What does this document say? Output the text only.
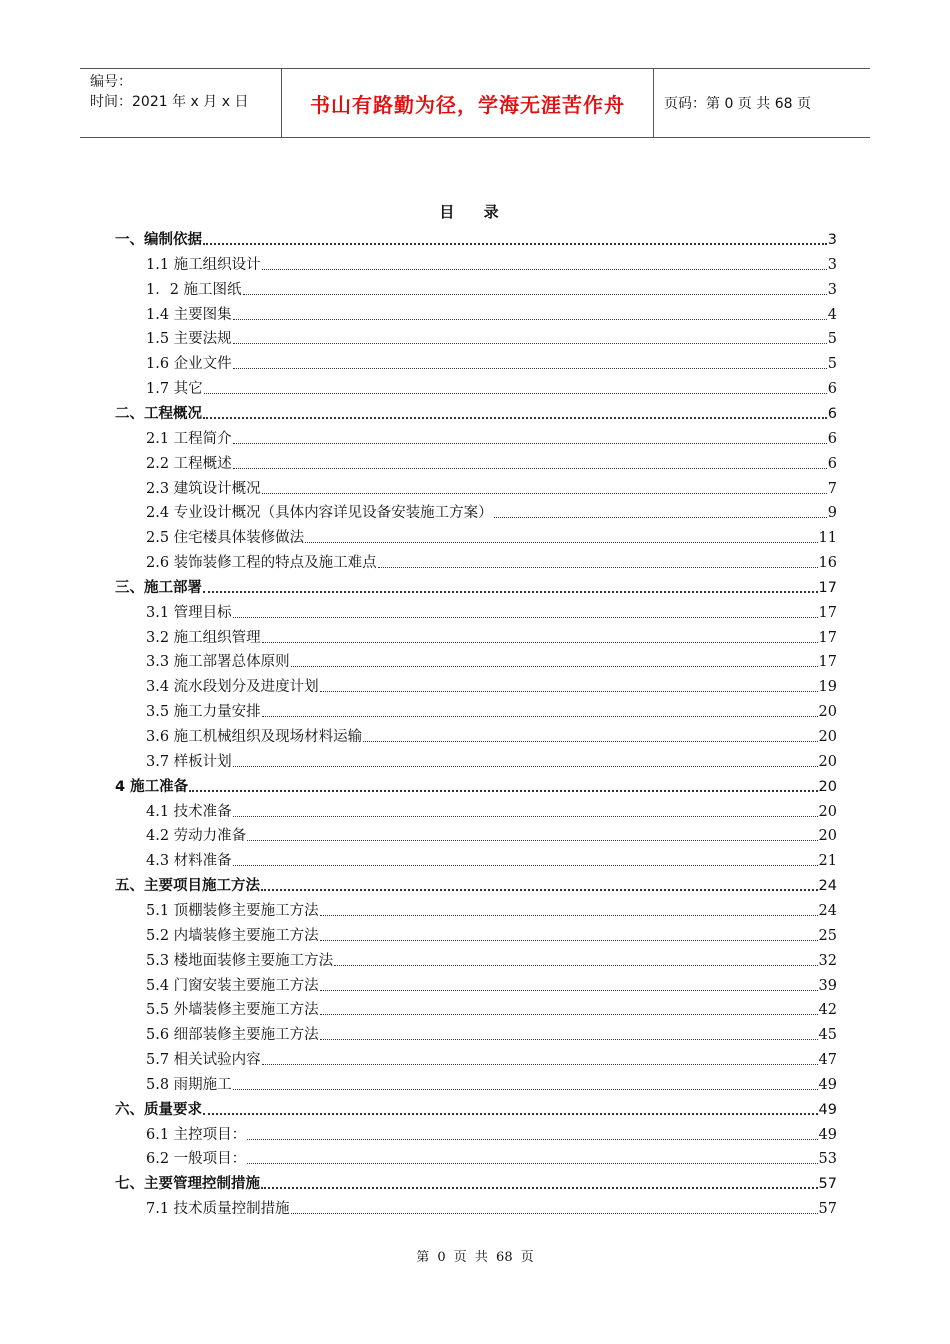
编号：
时间：2021 年 x 月 x 日	书山有路勤为径，学海无涯苦作舟	页码：第 0 页 共 68 页
目 录
一、编制依据	3
1.1 施工组织设计	3
1．2 施工图纸	3
1.4 主要图集	4
1.5 主要法规	5
1.6 企业文件	5
1.7 其它	6
二、工程概况	6
2.1 工程简介	6
2.2 工程概述	6
2.3 建筑设计概况	7
2.4 专业设计概况（具体内容详见设备安装施工方案）	9
2.5 住宅楼具体装修做法	11
2.6 装饰装修工程的特点及施工难点	16
三、施工部署	17
3.1 管理目标	17
3.2 施工组织管理	17
3.3 施工部署总体原则	17
3.4 流水段划分及进度计划	19
3.5 施工力量安排	20
3.6 施工机械组织及现场材料运输	20
3.7 样板计划	20
4 施工准备	20
4.1 技术准备	20
4.2 劳动力准备	20
4.3 材料准备	21
五、主要项目施工方法	24
5.1 顶棚装修主要施工方法	24
5.2 内墙装修主要施工方法	25
5.3 楼地面装修主要施工方法	32
5.4 门窗安装主要施工方法	39
5.5 外墙装修主要施工方法	42
5.6 细部装修主要施工方法	45
5.7 相关试验内容	47
5.8 雨期施工	49
六、质量要求	49
6.1 主控项目：	49
6.2 一般项目：	53
七、主要管理控制措施	57
7.1 技术质量控制措施	57
第 0 页 共 68 页
